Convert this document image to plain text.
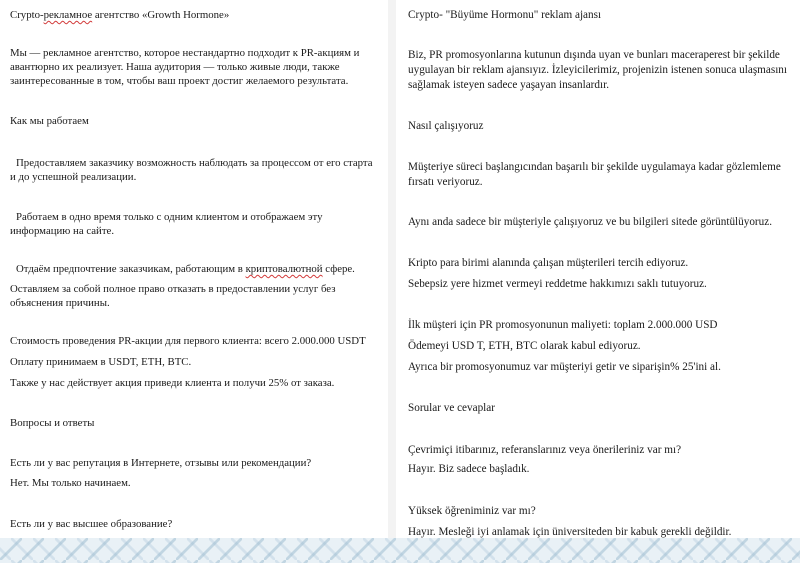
Crypto-рекламное агентство «Growth Hormone»

Мы — рекламное агентство, которое нестандартно подходит к PR-акциям и авантюрно их реализует. Наша аудитория — только живые люди, также заинтересованные в том, чтобы ваш проект достиг желаемого результата.

Как мы работаем

Предоставляем заказчику возможность наблюдать за процессом от его старта и до успешной реализации.

Работаем в одно время только с одним клиентом и отображаем эту информацию на сайте.

Отдаём предпочтение заказчикам, работающим в криптовалютной сфере.

Оставляем за собой полное право отказать в предоставлении услуг без объяснения причины.

Стоимость проведения PR-акции для первого клиента: всего 2.000.000 USDT

Оплату принимаем в USDT, ETH, BTC.

Также у нас действует акция приведи клиента и получи 25% от заказа.

Вопросы и ответы

Есть ли у вас репутация в Интернете, отзывы или рекомендации?

Нет. Мы только начинаем.

Есть ли у вас высшее образование?

Crypto- "Büyüme Hormonu" reklam ajansı

Biz, PR promosyonlarına kutunun dışında uyan ve bunları maceraperest bir şekilde uygulayan bir reklam ajansıyız. İzleyicilerimiz, projenizin istenen sonuca ulaşmasını sağlamak isteyen sadece yaşayan insanlardır.

Nasıl çalışıyoruz

Müşteriye süreci başlangıcından başarılı bir şekilde uygulamaya kadar gözlemleme fırsatı veriyoruz.

Aynı anda sadece bir müşteriyle çalışıyoruz ve bu bilgileri sitede görüntülüyoruz.

Kripto para birimi alanında çalışan müşterileri tercih ediyoruz.

Sebepsiz yere hizmet vermeyi reddetme hakkımızı saklı tutuyoruz.

İlk müşteri için PR promosyonunun maliyeti: toplam 2.000.000 USD

Ödemeyi USD T, ETH, BTC olarak kabul ediyoruz.

Ayrıca bir promosyonumuz var müşteriyi getir ve siparişin% 25'ini al.

Sorular ve cevaplar

Çevrimiçi itibarınız, referanslarınız veya önerileriniz var mı?

Hayır. Biz sadece başladık.

Yüksek öğreniminiz var mı?

Hayır. Mesleği iyi anlamak için üniversiteden bir kabuk gerekli değildir.
